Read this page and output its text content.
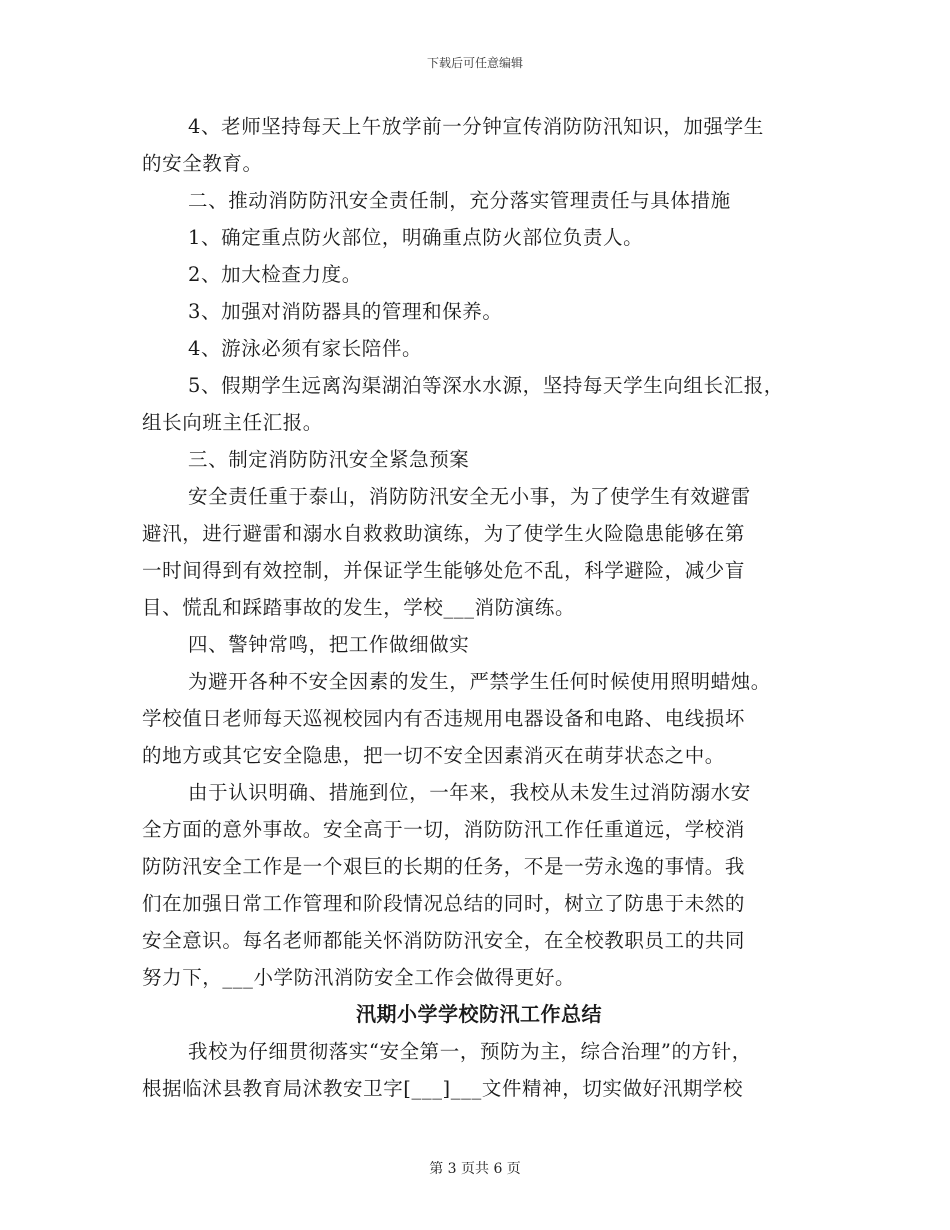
下载后可任意编辑
4、老师坚持每天上午放学前一分钟宣传消防防汛知识，加强学生
的安全教育。
二、推动消防防汛安全责任制，充分落实管理责任与具体措施
1、确定重点防火部位，明确重点防火部位负责人。
2、加大检查力度。
3、加强对消防器具的管理和保养。
4、游泳必须有家长陪伴。
5、假期学生远离沟渠湖泊等深水水源，坚持每天学生向组长汇报，
组长向班主任汇报。
三、制定消防防汛安全紧急预案
安全责任重于泰山，消防防汛安全无小事，为了使学生有效避雷
避汛，进行避雷和溺水自救救助演练，为了使学生火险隐患能够在第
一时间得到有效控制，并保证学生能够处危不乱，科学避险，减少盲
目、慌乱和踩踏事故的发生，学校___消防演练。
四、警钟常鸣，把工作做细做实
为避开各种不安全因素的发生，严禁学生任何时候使用照明蜡烛。
学校值日老师每天巡视校园内有否违规用电器设备和电路、电线损坏
的地方或其它安全隐患，把一切不安全因素消灭在萌芽状态之中。
由于认识明确、措施到位，一年来，我校从未发生过消防溺水安
全方面的意外事故。安全高于一切，消防防汛工作任重道远，学校消
防防汛安全工作是一个艰巨的长期的任务，不是一劳永逸的事情。我
们在加强日常工作管理和阶段情况总结的同时，树立了防患于未然的
安全意识。每名老师都能关怀消防防汛安全，在全校教职员工的共同
努力下，___小学防汛消防安全工作会做得更好。
汛期小学学校防汛工作总结
我校为仔细贯彻落实“安全第一，预防为主，综合治理”的方针，
根据临沭县教育局沭教安卫字[___]___文件精神，切实做好汛期学校
第 3 页共 6 页
